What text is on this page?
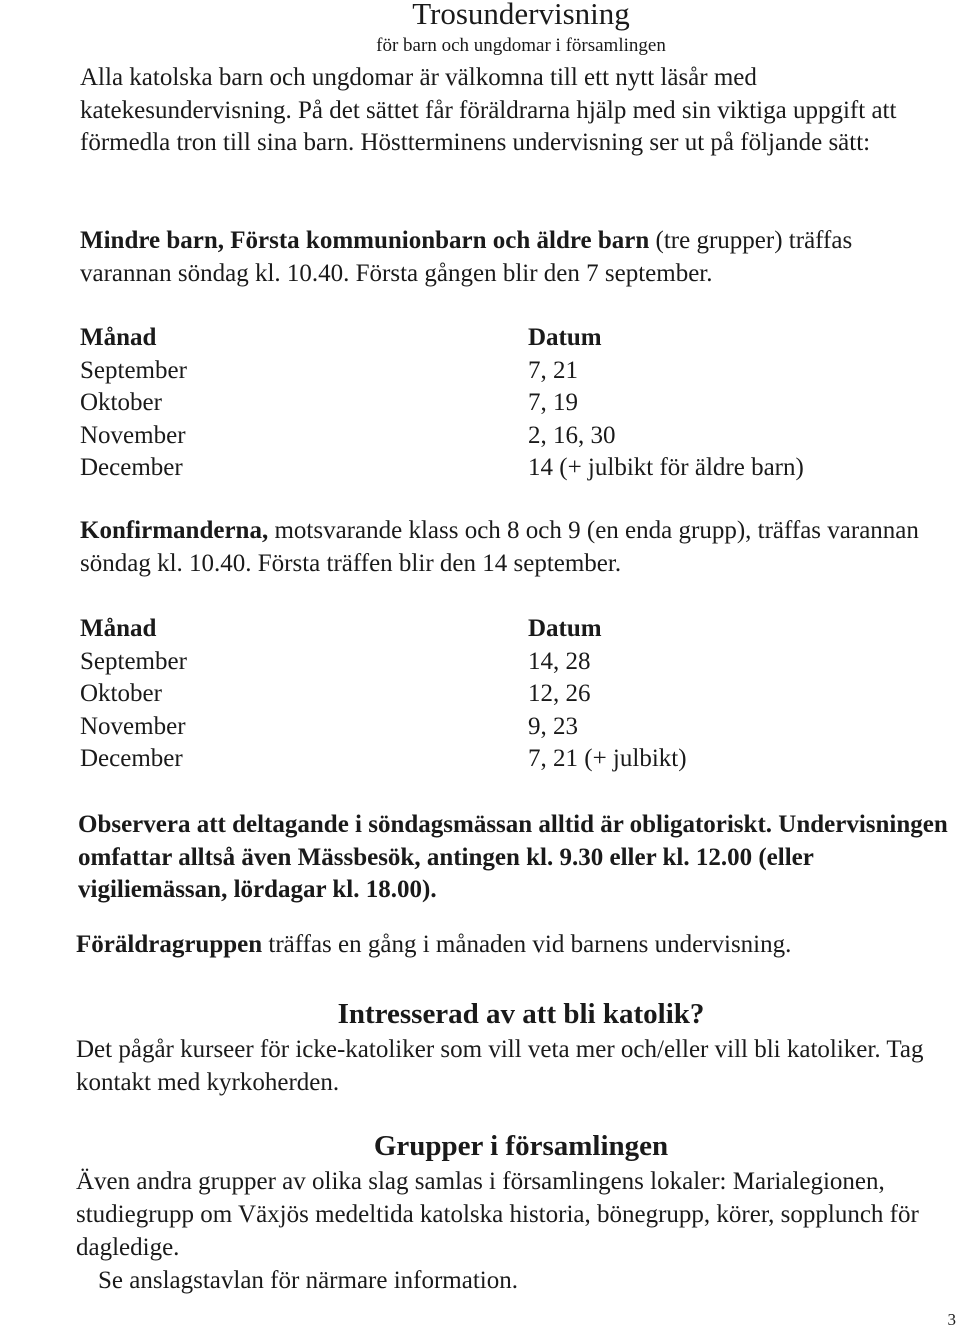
Trosundervisning
för barn och ungdomar i församlingen
Alla katolska barn och ungdomar är välkomna till ett nytt läsår med katekesundervisning. På det sättet får föräldrarna hjälp med sin viktiga uppgift att förmedla tron till sina barn. Höstterminens undervisning ser ut på följande sätt:
Mindre barn, Första kommunionbarn och äldre barn (tre grupper) träffas varannan söndag kl. 10.40. Första gången blir den 7 september.
Månad	Datum
September	7, 21
Oktober	7, 19
November	2, 16, 30
December	14 (+ julbikt för äldre barn)
Konfirmanderna, motsvarande klass och 8 och 9 (en enda grupp), träffas varannan söndag kl. 10.40. Första träffen blir den 14 september.
Månad	Datum
September	14, 28
Oktober	12, 26
November	9, 23
December	7, 21 (+ julbikt)
Observera att deltagande i söndagsmässan alltid är obligatoriskt. Undervisningen omfattar alltså även Mässbesök, antingen kl. 9.30 eller kl. 12.00 (eller vigiliemässan, lördagar kl. 18.00).
Föräldragruppen träffas en gång i månaden vid barnens undervisning.
Intresserad av att bli katolik?
Det pågår kurseer för icke-katoliker som vill veta mer och/eller vill bli katoliker. Tag kontakt med kyrkoherden.
Grupper i församlingen
Även andra grupper av olika slag samlas i församlingens lokaler: Marialegionen, studiegrupp om Växjös medeltida katolska historia, bönegrupp, körer, sopplunch för dagledige.
Se anslagstavlan för närmare information.
3
